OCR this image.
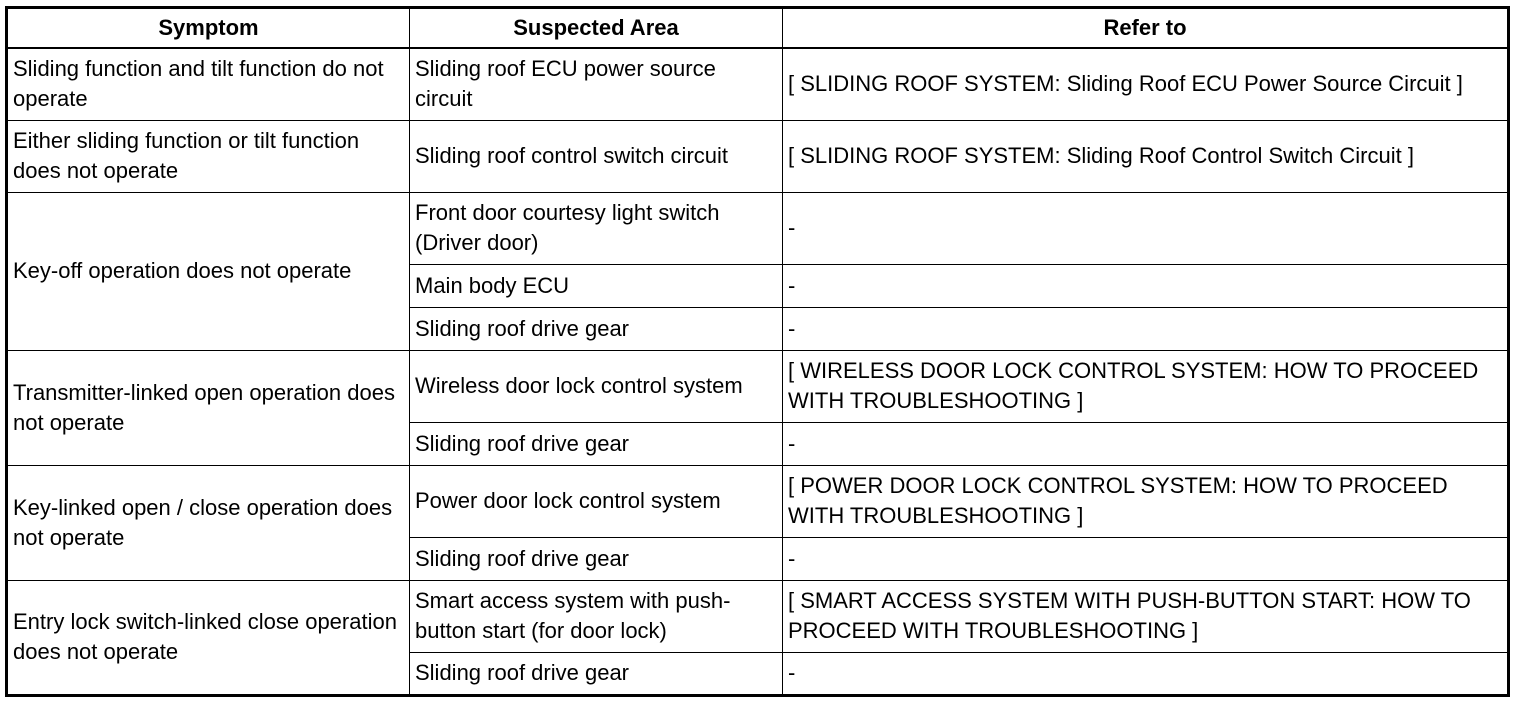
Symptom	Suspected Area	Refer to
Sliding function and tilt function do not operate	Sliding roof ECU power source circuit	[ SLIDING ROOF SYSTEM: Sliding Roof ECU Power Source Circuit ]
Either sliding function or tilt function does not operate	Sliding roof control switch circuit	[ SLIDING ROOF SYSTEM: Sliding Roof Control Switch Circuit ]
Key-off operation does not operate	Front door courtesy light switch (Driver door)	-
	Main body ECU	-
	Sliding roof drive gear	-
Transmitter-linked open operation does not operate	Wireless door lock control system	[ WIRELESS DOOR LOCK CONTROL SYSTEM: HOW TO PROCEED WITH TROUBLESHOOTING ]
	Sliding roof drive gear	-
Key-linked open / close operation does not operate	Power door lock control system	[ POWER DOOR LOCK CONTROL SYSTEM: HOW TO PROCEED WITH TROUBLESHOOTING ]
	Sliding roof drive gear	-
Entry lock switch-linked close operation does not operate	Smart access system with push-button start (for door lock)	[ SMART ACCESS SYSTEM WITH PUSH-BUTTON START: HOW TO PROCEED WITH TROUBLESHOOTING ]
	Sliding roof drive gear	-
